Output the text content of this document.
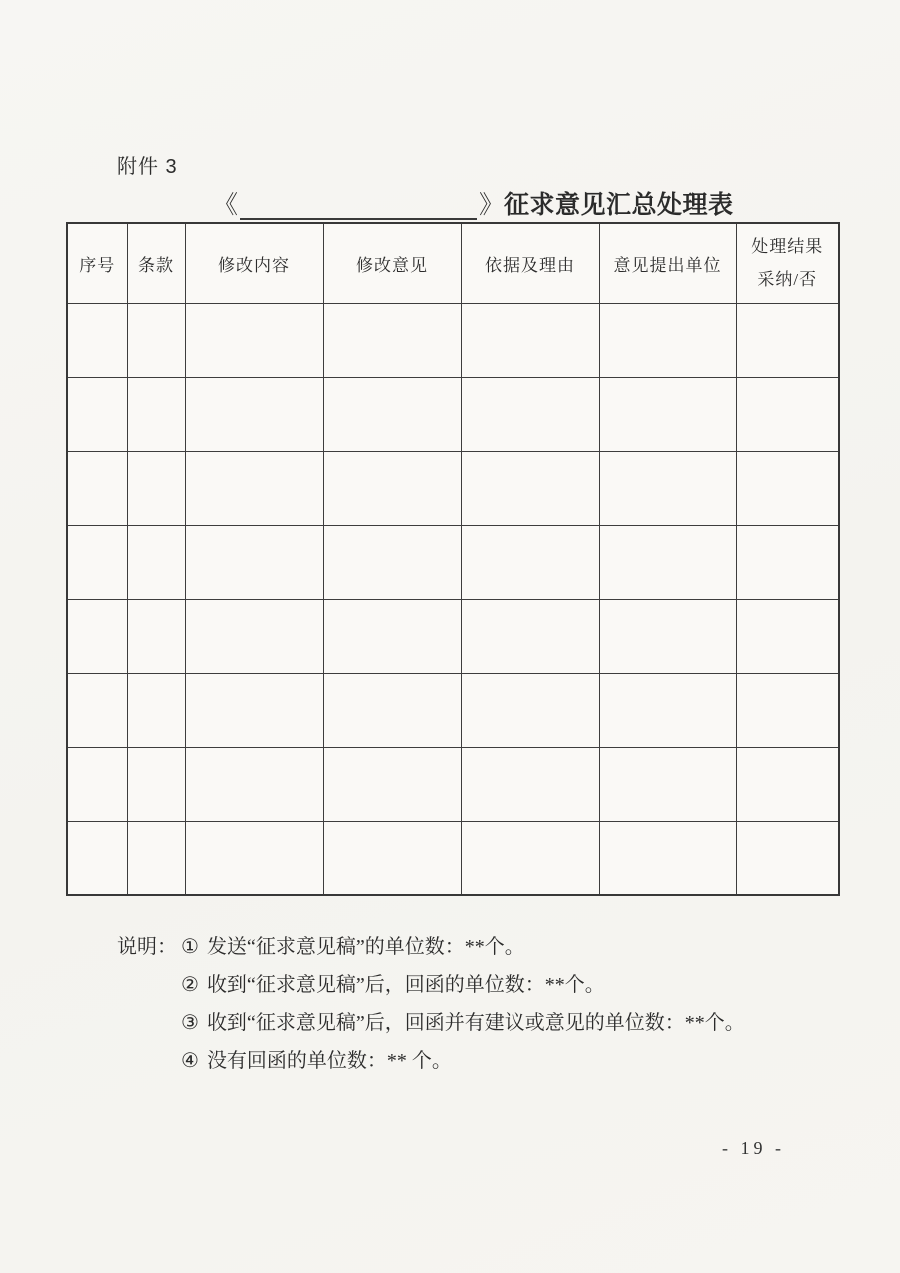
附件 3
《	》 征求意见汇总处理表
序号	条款	修改内容	修改意见	依据及理由	意见提出单位	处理结果
采纳/否

说明： ① 发送“征求意见稿”的单位数：**个。
② 收到“征求意见稿”后，回函的单位数：**个。
③ 收到“征求意见稿”后，回函并有建议或意见的单位数：**个。
④ 没有回函的单位数：** 个。
- 19 -
